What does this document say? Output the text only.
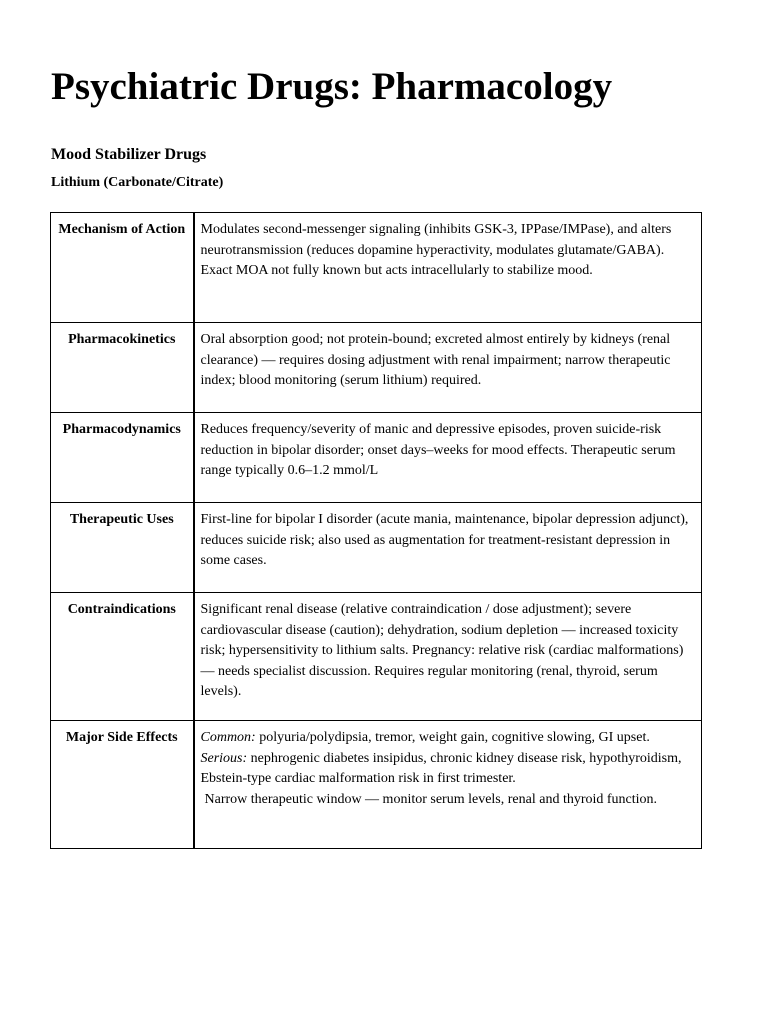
Psychiatric Drugs: Pharmacology
Mood Stabilizer Drugs
Lithium (Carbonate/Citrate)
Mechanism of Action	Modulates second-messenger signaling (inhibits GSK-3, IPPase/IMPase), and alters neurotransmission (reduces dopamine hyperactivity, modulates glutamate/GABA). Exact MOA not fully known but acts intracellularly to stabilize mood.
Pharmacokinetics	Oral absorption good; not protein-bound; excreted almost entirely by kidneys (renal clearance) — requires dosing adjustment with renal impairment; narrow therapeutic index; blood monitoring (serum lithium) required.
Pharmacodynamics	Reduces frequency/severity of manic and depressive episodes, proven suicide-risk reduction in bipolar disorder; onset days–weeks for mood effects. Therapeutic serum range typically 0.6–1.2 mmol/L
Therapeutic Uses	First-line for bipolar I disorder (acute mania, maintenance, bipolar depression adjunct), reduces suicide risk; also used as augmentation for treatment-resistant depression in some cases.
Contraindications	Significant renal disease (relative contraindication / dose adjustment); severe cardiovascular disease (caution); dehydration, sodium depletion — increased toxicity risk; hypersensitivity to lithium salts. Pregnancy: relative risk (cardiac malformations) — needs specialist discussion. Requires regular monitoring (renal, thyroid, serum levels).
Major Side Effects	Common: polyuria/polydipsia, tremor, weight gain, cognitive slowing, GI upset. Serious: nephrogenic diabetes insipidus, chronic kidney disease risk, hypothyroidism, Ebstein-type cardiac malformation risk in first trimester.
Narrow therapeutic window — monitor serum levels, renal and thyroid function.
